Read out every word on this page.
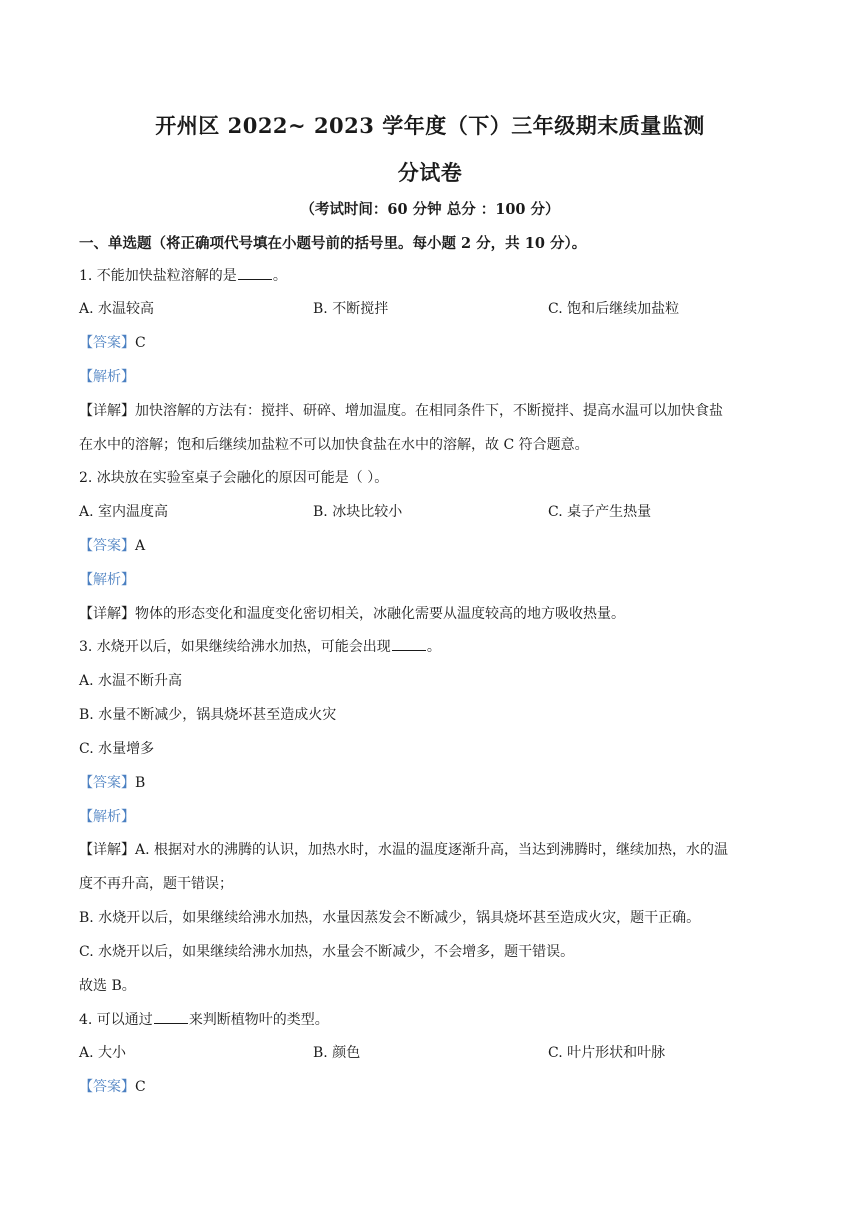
开州区 2022~ 2023 学年度（下）三年级期末质量监测
分试卷
（考试时间：60 分钟 总分 ：100 分）
一、单选题（将正确项代号填在小题号前的括号里。每小题 2 分，共 10 分）。
1. 不能加快盐粒溶解的是	。
A. 水温较高	B. 不断搅拌	C. 饱和后继续加盐粒
【答案】C
【解析】
【详解】加快溶解的方法有：搅拌、研碎、增加温度。在相同条件下，不断搅拌、提高水温可以加快食盐
在水中的溶解；饱和后继续加盐粒不可以加快食盐在水中的溶解，故 C 符合题意。
2. 冰块放在实验室桌子会融化的原因可能是（ ）。
A. 室内温度高	B. 冰块比较小	C. 桌子产生热量
【答案】A
【解析】
【详解】物体的形态变化和温度变化密切相关，冰融化需要从温度较高的地方吸收热量。
3. 水烧开以后，如果继续给沸水加热，可能会出现	。
A. 水温不断升高
B. 水量不断减少，锅具烧坏甚至造成火灾
C. 水量增多
【答案】B
【解析】
【详解】A. 根据对水的沸腾的认识，加热水时，水温的温度逐渐升高，当达到沸腾时，继续加热，水的温
度不再升高，题干错误；
B. 水烧开以后，如果继续给沸水加热，水量因蒸发会不断减少，锅具烧坏甚至造成火灾，题干正确。
C. 水烧开以后，如果继续给沸水加热，水量会不断减少，不会增多，题干错误。
故选 B。
4. 可以通过	来判断植物叶的类型。
A. 大小	B. 颜色	C. 叶片形状和叶脉
【答案】C
